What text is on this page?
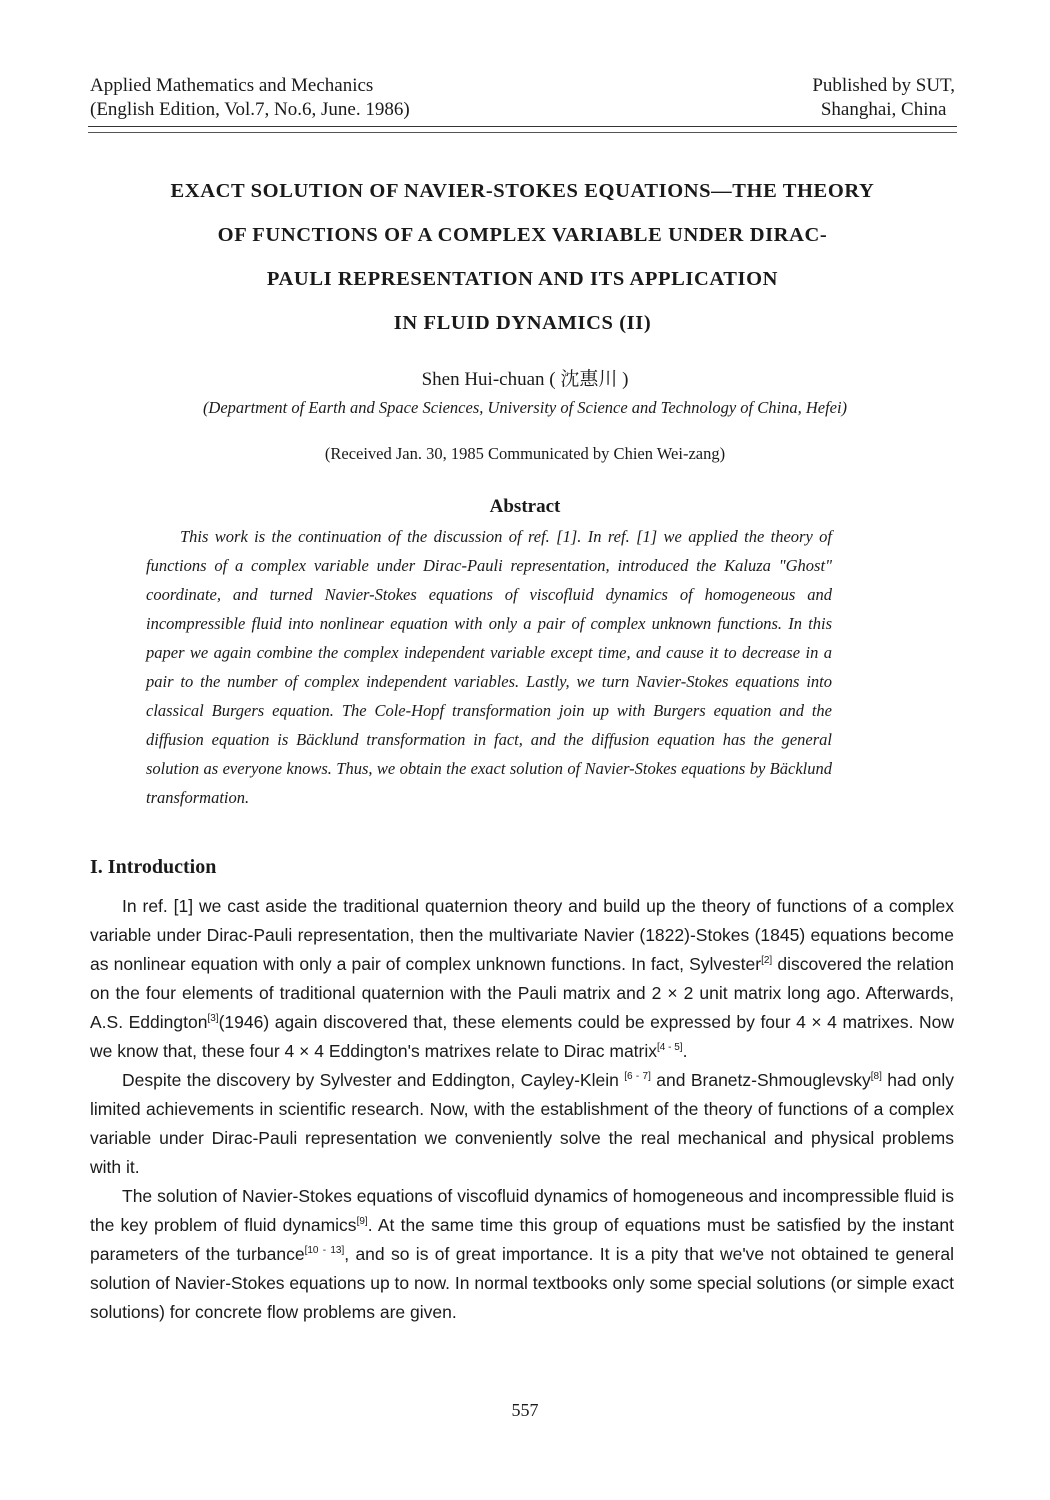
Applied Mathematics and Mechanics
(English Edition, Vol.7, No.6, June. 1986)
Published by SUT,
Shanghai, China
EXACT SOLUTION OF NAVIER-STOKES EQUATIONS—THE THEORY
OF FUNCTIONS OF A COMPLEX VARIABLE UNDER DIRAC-
PAULI REPRESENTATION AND ITS APPLICATION
IN FLUID DYNAMICS (II)
Shen Hui-chuan ( 沈惠川 )
(Department of Earth and Space Sciences, University of Science and Technology of China, Hefei)
(Received Jan. 30, 1985 Communicated by Chien Wei-zang)
Abstract
This work is the continuation of the discussion of ref. [1]. In ref. [1] we applied the theory of functions of a complex variable under Dirac-Pauli representation, introduced the Kaluza "Ghost" coordinate, and turned Navier-Stokes equations of viscofluid dynamics of homogeneous and incompressible fluid into nonlinear equation with only a pair of complex unknown functions. In this paper we again combine the complex independent variable except time, and cause it to decrease in a pair to the number of complex independent variables. Lastly, we turn Navier-Stokes equations into classical Burgers equation. The Cole-Hopf transformation join up with Burgers equation and the diffusion equation is Bäcklund transformation in fact, and the diffusion equation has the general solution as everyone knows. Thus, we obtain the exact solution of Navier-Stokes equations by Bäcklund transformation.
I. Introduction

In ref. [1] we cast aside the traditional quaternion theory and build up the theory of functions of a complex variable under Dirac-Pauli representation, then the multivariate Navier (1822)-Stokes (1845) equations become as nonlinear equation with only a pair of complex unknown functions. In fact, Sylvester[2] discovered the relation on the four elements of traditional quaternion with the Pauli matrix and 2 × 2 unit matrix long ago. Afterwards, A.S. Eddington[3](1946) again discovered that, these elements could be expressed by four 4 × 4 matrixes. Now we know that, these four 4 × 4 Eddington's matrixes relate to Dirac matrix[4 - 5].

Despite the discovery by Sylvester and Eddington, Cayley-Klein [6 - 7] and Branetz-Shmouglevsky[8] had only limited achievements in scientific research. Now, with the establishment of the theory of functions of a complex variable under Dirac-Pauli representation we conveniently solve the real mechanical and physical problems with it.

The solution of Navier-Stokes equations of viscofluid dynamics of homogeneous and incompressible fluid is the key problem of fluid dynamics[9]. At the same time this group of equations must be satisfied by the instant parameters of the turbance[10 - 13], and so is of great importance. It is a pity that we've not obtained te general solution of Navier-Stokes equations up to now. In normal textbooks only some special solutions (or simple exact solutions) for concrete flow problems are given.

557
